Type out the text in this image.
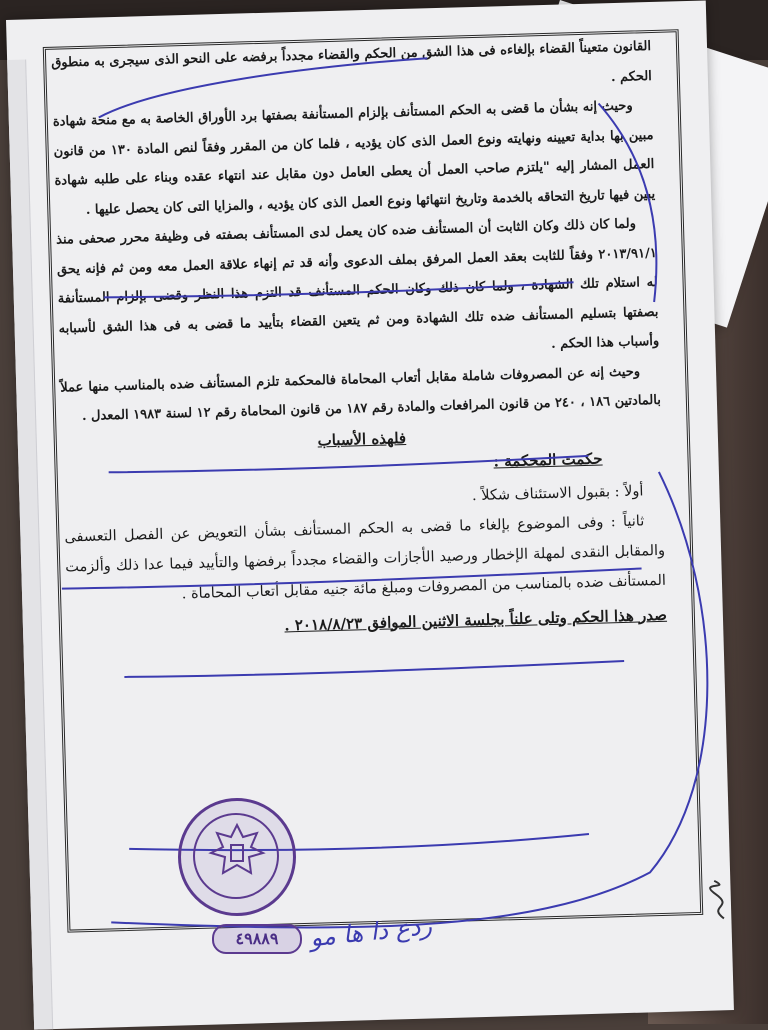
القانون متعيناً القضاء بإلغاءه فى هذا الشق من الحكم والقضاء مجدداً برفضه على النحو الذى سيجرى به منطوق الحكم .

وحيث إنه بشأن ما قضى به الحكم المستأنف بإلزام المستأنفة بصفتها برد الأوراق الخاصة به مع منحة شهادة مبين بها بداية تعيينه ونهايته ونوع العمل الذى كان يؤديه ، فلما كان من المقرر وفقاً لنص المادة ١٣٠ من قانون العمل المشار إليه "يلتزم صاحب العمل أن يعطى العامل دون مقابل عند انتهاء عقده وبناء على طلبه شهادة يبين فيها تاريخ التحاقه بالخدمة وتاريخ انتهائها ونوع العمل الذى كان يؤديه ، والمزايا التى كان يحصل عليها .

ولما كان ذلك وكان الثابت أن المستأنف ضده كان يعمل لدى المستأنف بصفته فى وظيفة محرر صحفى منذ ٢٠١٣/٩١/١ وفقاً للثابت بعقد العمل المرفق بملف الدعوى وأنه قد تم إنهاء علاقة العمل معه ومن ثم فإنه يحق له استلام تلك الشهادة ، ولما كان ذلك وكان الحكم المستأنف قد التزم هذا النظر وقضى بإلزام المستأنفة بصفتها بتسليم المستأنف ضده تلك الشهادة ومن ثم يتعين القضاء بتأييد ما قضى به فى هذا الشق لأسبابه وأسباب هذا الحكم .

وحيث إنه عن المصروفات شاملة مقابل أتعاب المحاماة فالمحكمة تلزم المستأنف ضده بالمناسب منها عملاً بالمادتين ١٨٦ ، ٢٤٠ من قانون المرافعات والمادة رقم ١٨٧ من قانون المحاماة رقم ١٢ لسنة ١٩٨٣ المعدل .

فلهذه الأسباب
حكمت المحكمة :

أولاً : بقبول الاستئناف شكلاً .

ثانياً : وفى الموضوع بإلغاء ما قضى به الحكم المستأنف بشأن التعويض عن الفصل التعسفى والمقابل النقدى لمهلة الإخطار ورصيد الأجازات والقضاء مجدداً برفضها والتأييد فيما عدا ذلك وألزمت المستأنف ضده بالمناسب من المصروفات ومبلغ مائة جنيه مقابل أتعاب المحاماة .

صدر هذا الحكم وتلى علناً بجلسة الاثنين الموافق ٢٠١٨/٨/٢٣ .
٤٩٨٨٩	ردع دا ها مو
